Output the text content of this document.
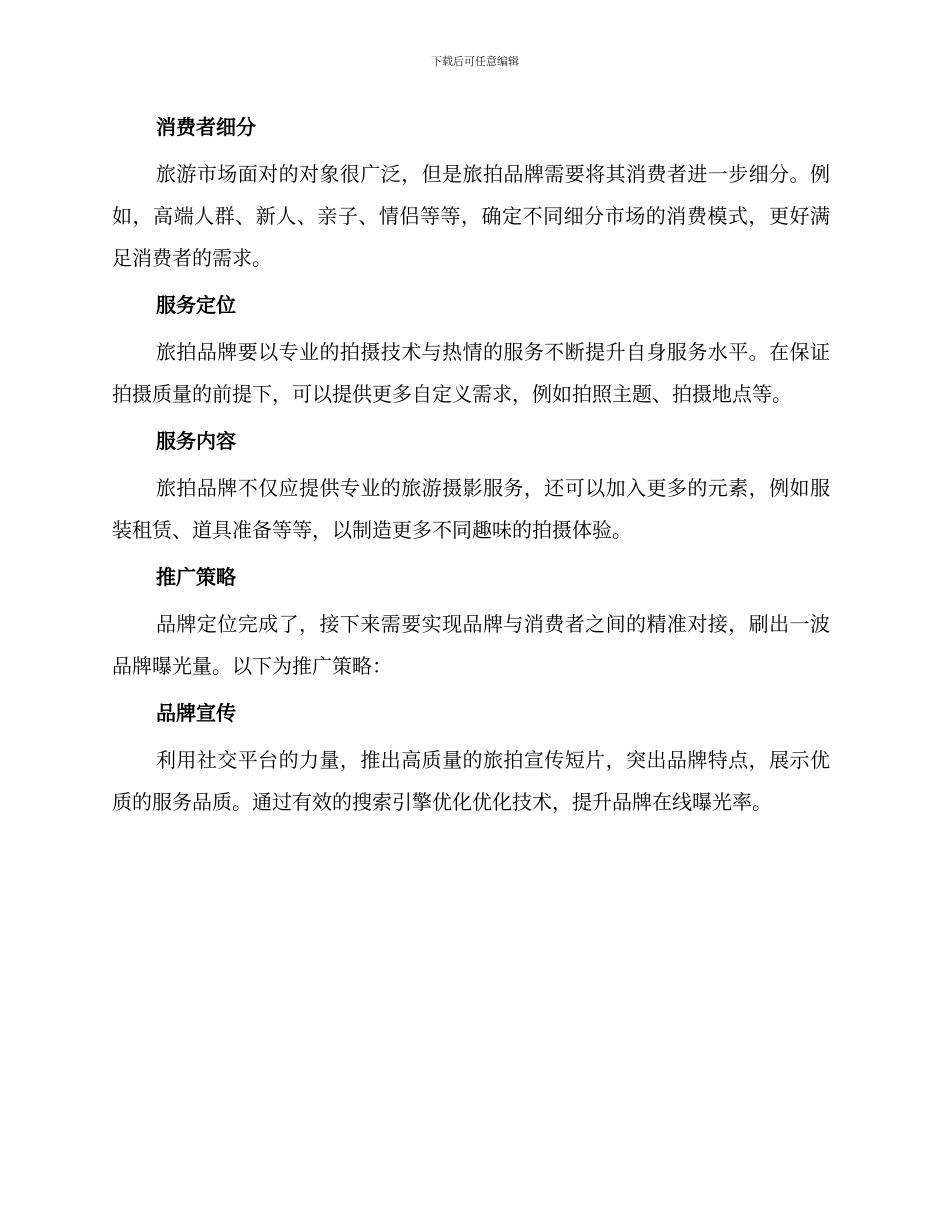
下载后可任意编辑
消费者细分

旅游市场面对的对象很广泛，但是旅拍品牌需要将其消费者进一步细分。例如，高端人群、新人、亲子、情侣等等，确定不同细分市场的消费模式，更好满足消费者的需求。

服务定位

旅拍品牌要以专业的拍摄技术与热情的服务不断提升自身服务水平。在保证拍摄质量的前提下，可以提供更多自定义需求，例如拍照主题、拍摄地点等。

服务内容

旅拍品牌不仅应提供专业的旅游摄影服务，还可以加入更多的元素，例如服装租赁、道具准备等等，以制造更多不同趣味的拍摄体验。

推广策略

品牌定位完成了，接下来需要实现品牌与消费者之间的精准对接，刷出一波品牌曝光量。以下为推广策略：

品牌宣传

利用社交平台的力量，推出高质量的旅拍宣传短片，突出品牌特点，展示优质的服务品质。通过有效的搜索引擎优化优化技术，提升品牌在线曝光率。
